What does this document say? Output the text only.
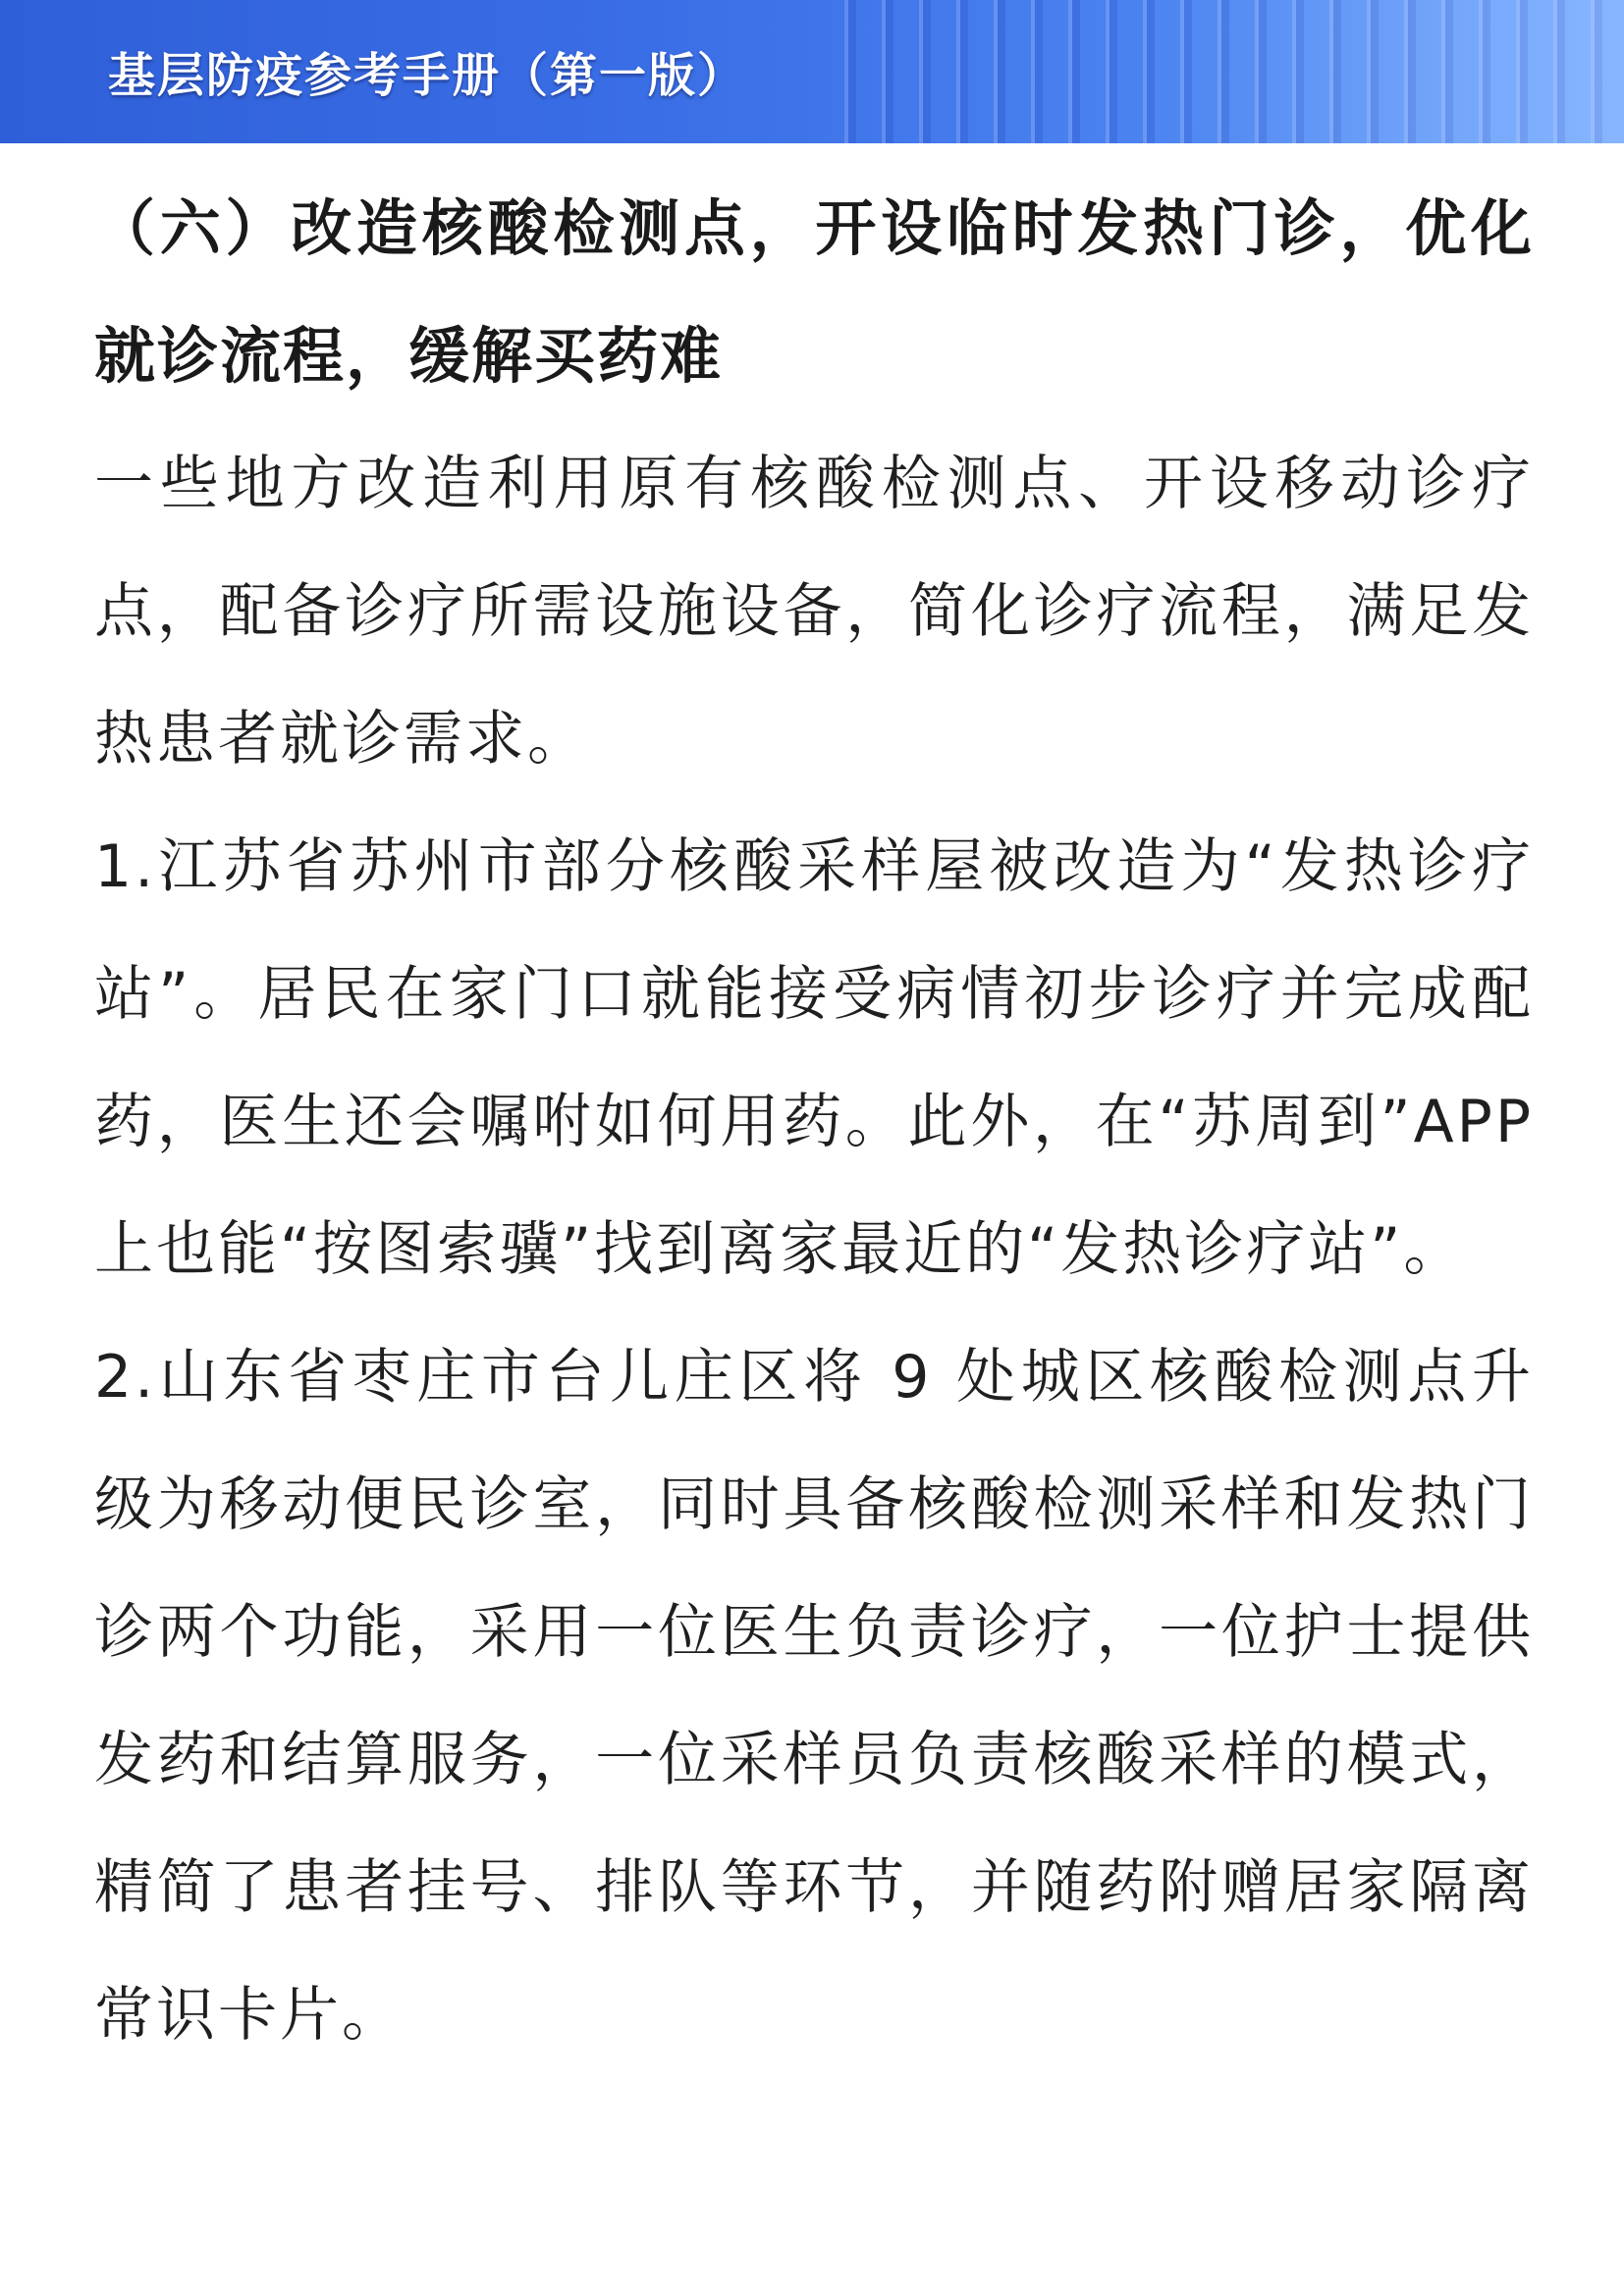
基层防疫参考手册（第一版）

（六）改造核酸检测点，开设临时发热门诊，优化就诊流程，缓解买药难

一些地方改造利用原有核酸检测点、开设移动诊疗点，配备诊疗所需设施设备，简化诊疗流程，满足发热患者就诊需求。

1.江苏省苏州市部分核酸采样屋被改造为“发热诊疗站”。居民在家门口就能接受病情初步诊疗并完成配药，医生还会嘱咐如何用药。此外，在“苏周到”APP 上也能“按图索骥”找到离家最近的“发热诊疗站”。

2.山东省枣庄市台儿庄区将 9 处城区核酸检测点升级为移动便民诊室，同时具备核酸检测采样和发热门诊两个功能，采用一位医生负责诊疗，一位护士提供发药和结算服务，一位采样员负责核酸采样的模式，精简了患者挂号、排队等环节，并随药附赠居家隔离常识卡片。
